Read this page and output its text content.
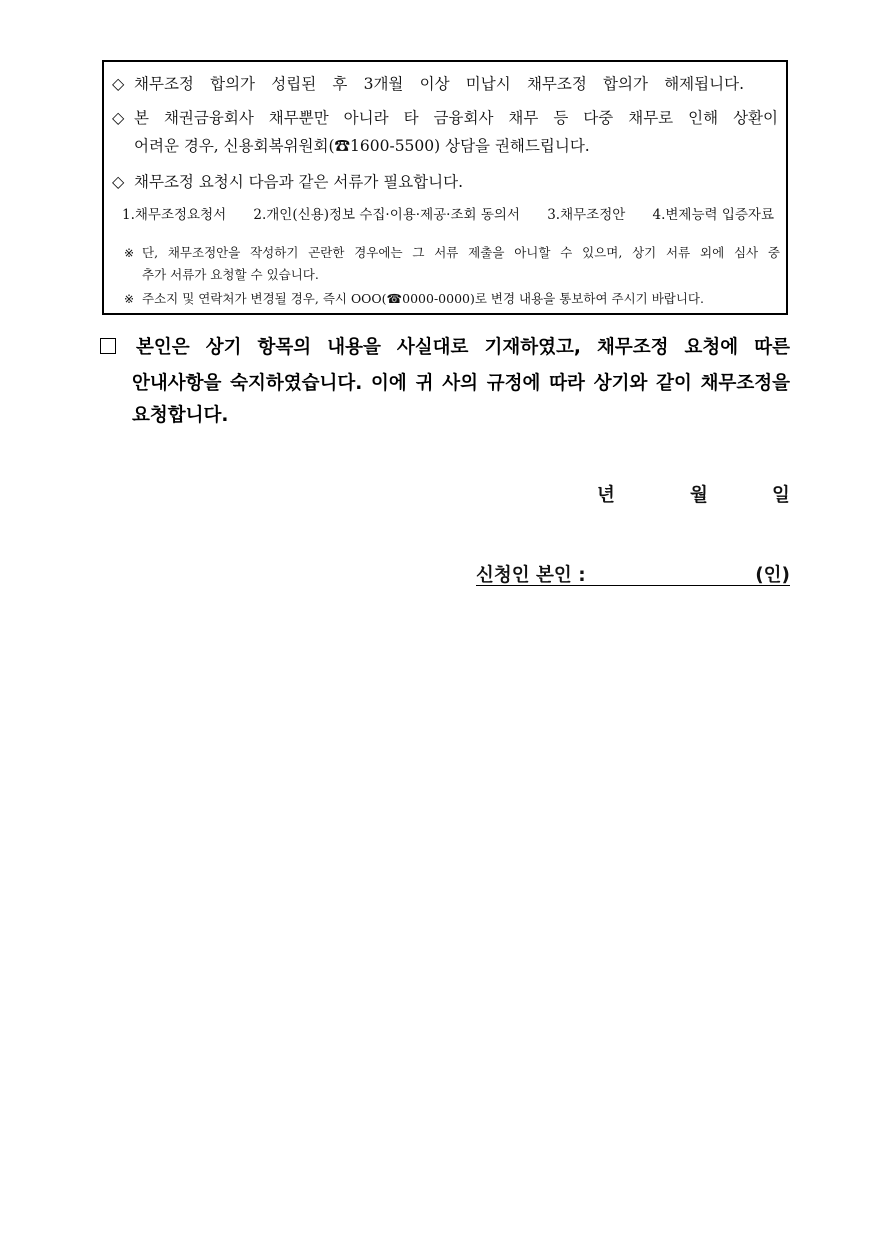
◇ 채무조정 합의가 성립된 후 3개월 이상 미납시 채무조정 합의가 해제됩니다.
◇ 본 채권금융회사 채무뿐만 아니라 타 금융회사 채무 등 다중 채무로 인해 상환이
어려운 경우, 신용회복위원회(☎1600-5500) 상담을 권해드립니다.
◇ 채무조정 요청시 다음과 같은 서류가 필요합니다.
1.채무조정요청서 2.개인(신용)정보 수집·이용·제공·조회 동의서 3.채무조정안 4.변제능력 입증자료
※ 단, 채무조정안을 작성하기 곤란한 경우에는 그 서류 제출을 아니할 수 있으며, 상기 서류 외에 심사 중
추가 서류가 요청할 수 있습니다.
※ 주소지 및 연락처가 변경될 경우, 즉시 OOO(☎0000-0000)로 변경 내용을 통보하여 주시기 바랍니다.
본인은 상기 항목의 내용을 사실대로 기재하였고, 채무조정 요청에 따른
안내사항을 숙지하였습니다. 이에 귀 사의 규정에 따라 상기와 같이 채무조정을
요청합니다.
년	월	일
신청인 본인 :	(인)
